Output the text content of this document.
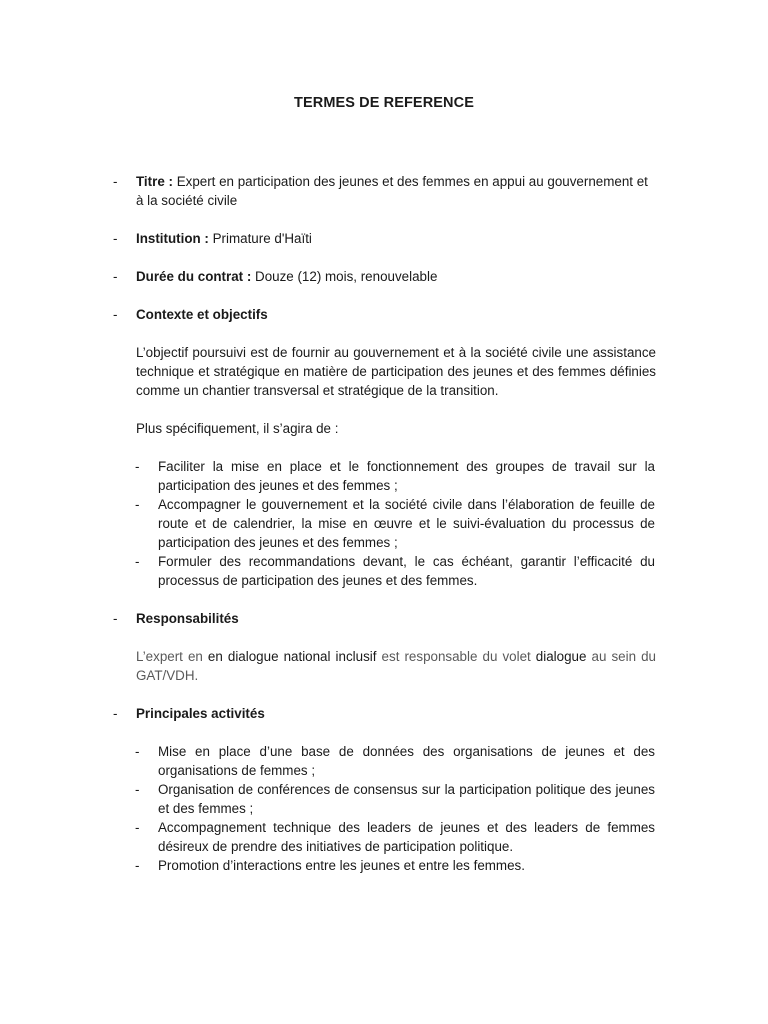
TERMES DE REFERENCE
- Titre : Expert en participation des jeunes et des femmes en appui au gouvernement et à la société civile
- Institution : Primature d'Haïti
- Durée du contrat : Douze (12) mois, renouvelable
- Contexte et objectifs
L’objectif poursuivi est de fournir au gouvernement et à la société civile une assistance technique et stratégique en matière de participation des jeunes et des femmes définies comme un chantier transversal et stratégique de la transition.
Plus spécifiquement, il s’agira de :
- Faciliter la mise en place et le fonctionnement des groupes de travail sur la participation des jeunes et des femmes ;
- Accompagner le gouvernement et la société civile dans l’élaboration de feuille de route et de calendrier, la mise en œuvre et le suivi-évaluation du processus de participation des jeunes et des femmes ;
- Formuler des recommandations devant, le cas échéant, garantir l’efficacité du processus de participation des jeunes et des femmes.
- Responsabilités
L’expert en en dialogue national inclusif est responsable du volet dialogue au sein du GAT/VDH.
- Principales activités
- Mise en place d’une base de données des organisations de jeunes et des organisations de femmes ;
- Organisation de conférences de consensus sur la participation politique des jeunes et des femmes ;
- Accompagnement technique des leaders de jeunes et des leaders de femmes désireux de prendre des initiatives de participation politique.
- Promotion d’interactions entre les jeunes et entre les femmes.
